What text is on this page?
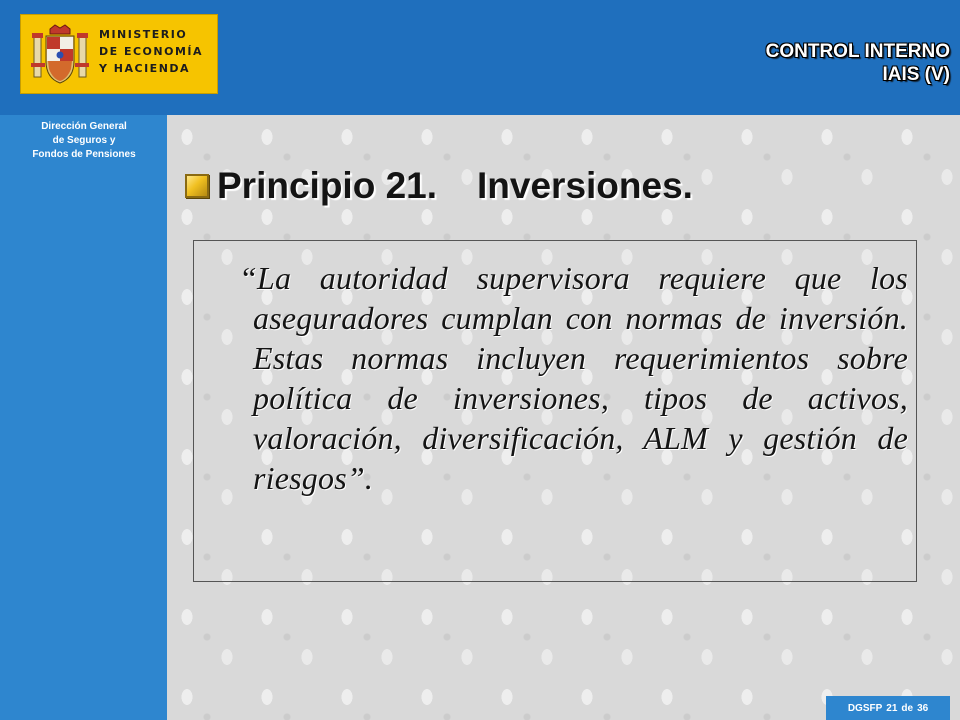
MINISTERIO
DE ECONOMÍA
Y HACIENDA
Dirección General
de Seguros y
Fondos de Pensiones
CONTROL INTERNO
IAIS (V)
Principio 21. Inversiones.
“La autoridad supervisora requiere que los aseguradores cumplan con normas de inversión. Estas normas incluyen requerimientos sobre política de inversiones, tipos de activos, valoración, diversificación, ALM y gestión de riesgos”.
DGSFP 21 de 36
